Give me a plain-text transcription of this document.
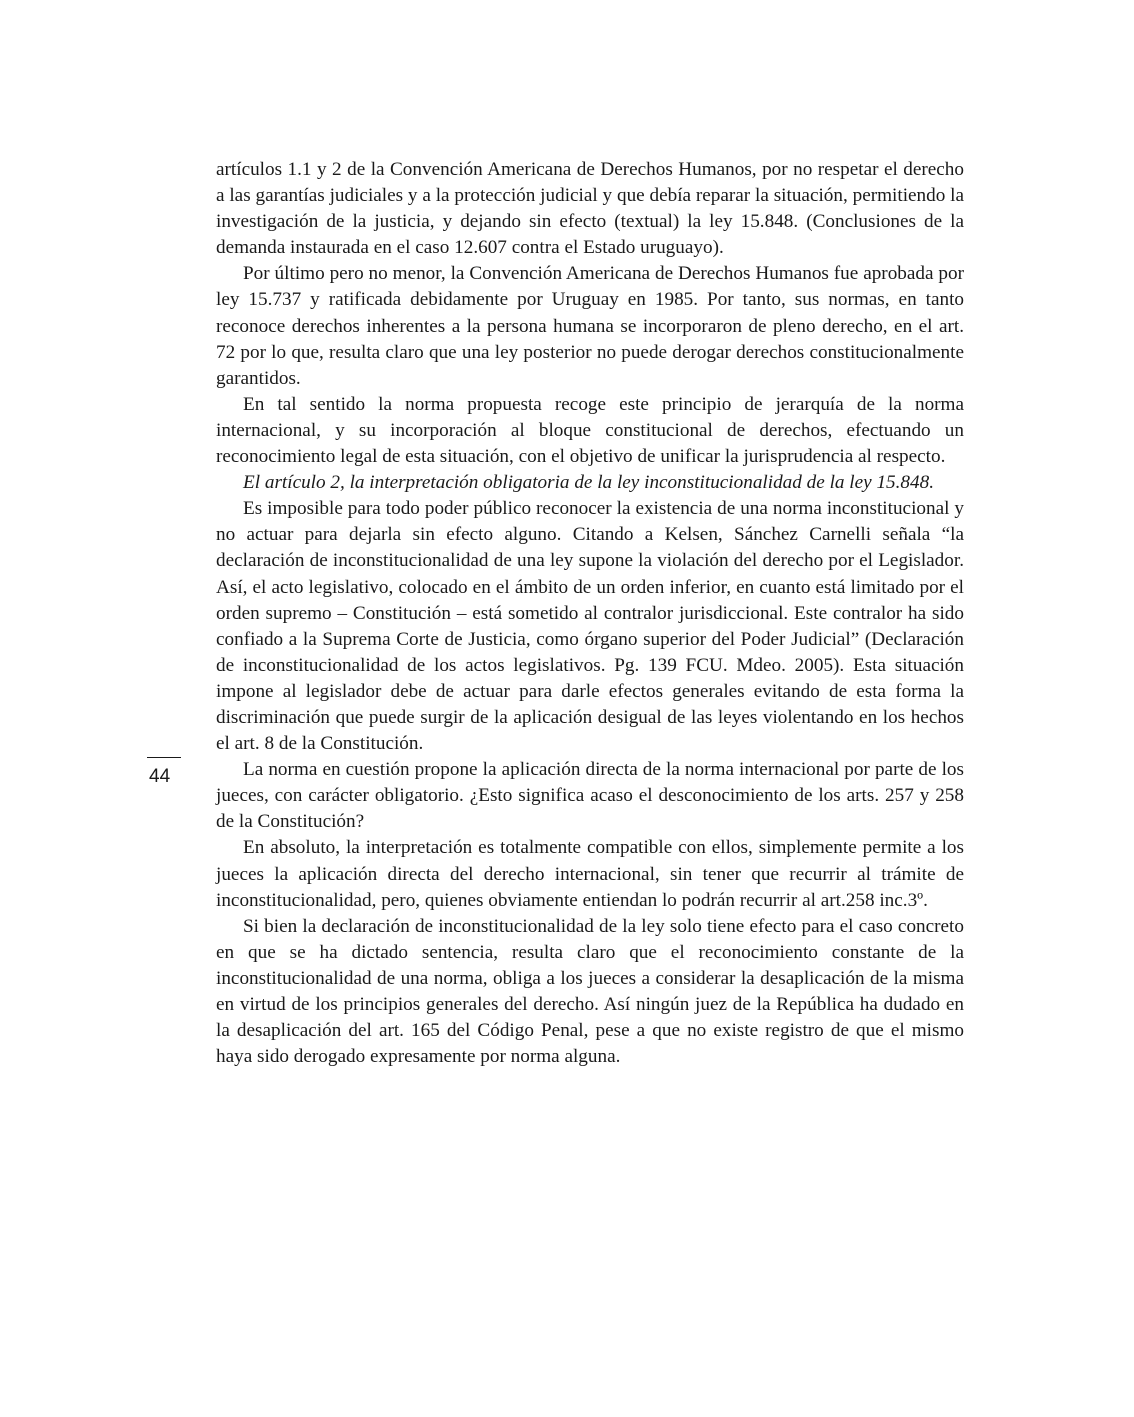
artículos 1.1 y 2 de la Convención Americana de Derechos Humanos, por no respetar el derecho a las garantías judiciales y a la protección judicial y que debía reparar la situación, permitiendo la investigación de la justicia, y dejando sin efecto (textual) la ley 15.848. (Conclusiones de la demanda instaurada en el caso 12.607 contra el Estado uruguayo).

Por último pero no menor, la Convención Americana de Derechos Humanos fue aprobada por ley 15.737 y ratificada debidamente por Uruguay en 1985. Por tanto, sus normas, en tanto reconoce derechos inherentes a la persona humana se incorporaron de pleno derecho, en el art. 72 por lo que, resulta claro que una ley posterior no puede derogar derechos constitucionalmente garantidos.

En tal sentido la norma propuesta recoge este principio de jerarquía de la norma internacional, y su incorporación al bloque constitucional de derechos, efectuando un reconocimiento legal de esta situación, con el objetivo de unificar la jurisprudencia al respecto.

El artículo 2, la interpretación obligatoria de la ley inconstitucionalidad de la ley 15.848.

Es imposible para todo poder público reconocer la existencia de una norma inconstitucional y no actuar para dejarla sin efecto alguno. Citando a Kelsen, Sánchez Carnelli señala “la declaración de inconstitucionalidad de una ley supone la violación del derecho por el Legislador. Así, el acto legislativo, colocado en el ámbito de un orden inferior, en cuanto está limitado por el orden supremo – Constitución – está sometido al contralor jurisdiccional. Este contralor ha sido confiado a la Suprema Corte de Justicia, como órgano superior del Poder Judicial” (Declaración de inconstitucionalidad de los actos legislativos. Pg. 139 FCU. Mdeo. 2005). Esta situación impone al legislador debe de actuar para darle efectos generales evitando de esta forma la discriminación que puede surgir de la aplicación desigual de las leyes violentando en los hechos el art. 8 de la Constitución.

La norma en cuestión propone la aplicación directa de la norma internacional por parte de los jueces, con carácter obligatorio. ¿Esto significa acaso el desconocimiento de los arts. 257 y 258 de la Constitución?

En absoluto, la interpretación es totalmente compatible con ellos, simplemente permite a los jueces la aplicación directa del derecho internacional, sin tener que recurrir al trámite de inconstitucionalidad, pero, quienes obviamente entiendan lo podrán recurrir al art.258 inc.3º.

Si bien la declaración de inconstitucionalidad de la ley solo tiene efecto para el caso concreto en que se ha dictado sentencia, resulta claro que el reconocimiento constante de la inconstitucionalidad de una norma, obliga a los jueces a considerar la desaplicación de la misma en virtud de los principios generales del derecho. Así ningún juez de la República ha dudado en la desaplicación del art. 165 del Código Penal, pese a que no existe registro de que el mismo haya sido derogado expresamente por norma alguna.

44
